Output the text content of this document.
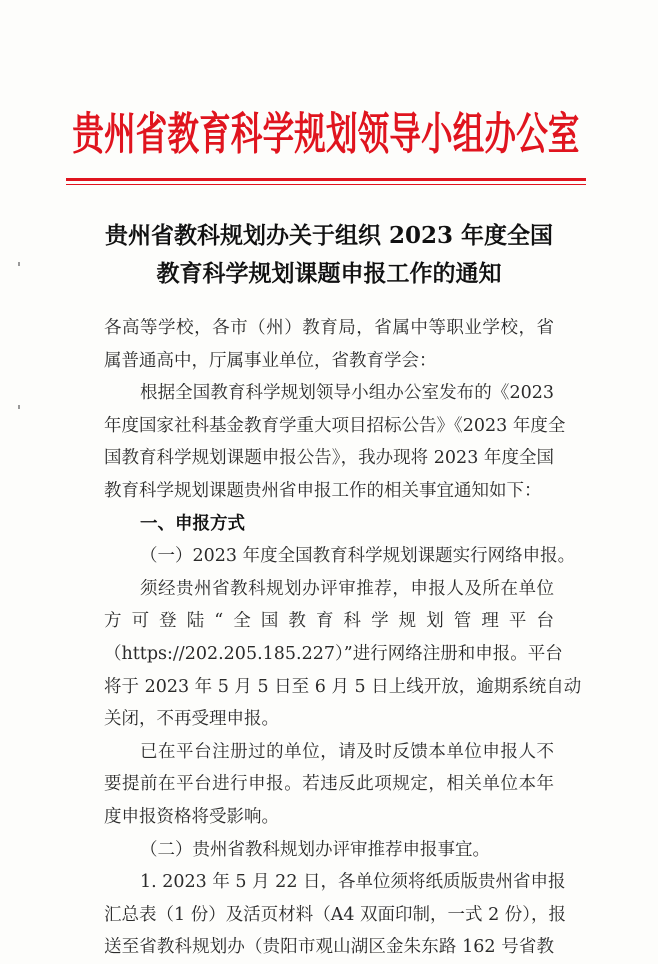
贵州省教育科学规划领导小组办公室
贵州省教科规划办关于组织 2023 年度全国
教育科学规划课题申报工作的通知
各高等学校，各市（州）教育局，省属中等职业学校，省
属普通高中，厅属事业单位，省教育学会：
根据全国教育科学规划领导小组办公室发布的《2023
年度国家社科基金教育学重大项目招标公告》《2023 年度全
国教育科学规划课题申报公告》，我办现将 2023 年度全国
教育科学规划课题贵州省申报工作的相关事宜通知如下：
一、申报方式
（一）2023 年度全国教育科学规划课题实行网络申报。
须经贵州省教科规划办评审推荐，申报人及所在单位
方可登陆“全国教育科学规划管理平台
（https://202.205.185.227）”进行网络注册和申报。平台
将于 2023 年 5 月 5 日至 6 月 5 日上线开放，逾期系统自动
关闭，不再受理申报。
已在平台注册过的单位，请及时反馈本单位申报人不
要提前在平台进行申报。若违反此项规定，相关单位本年
度申报资格将受影响。
（二）贵州省教科规划办评审推荐申报事宜。
1. 2023 年 5 月 22 日，各单位须将纸质版贵州省申报
汇总表（1 份）及活页材料（A4 双面印制，一式 2 份），报
送至省教科规划办（贵阳市观山湖区金朱东路 162 号省教
